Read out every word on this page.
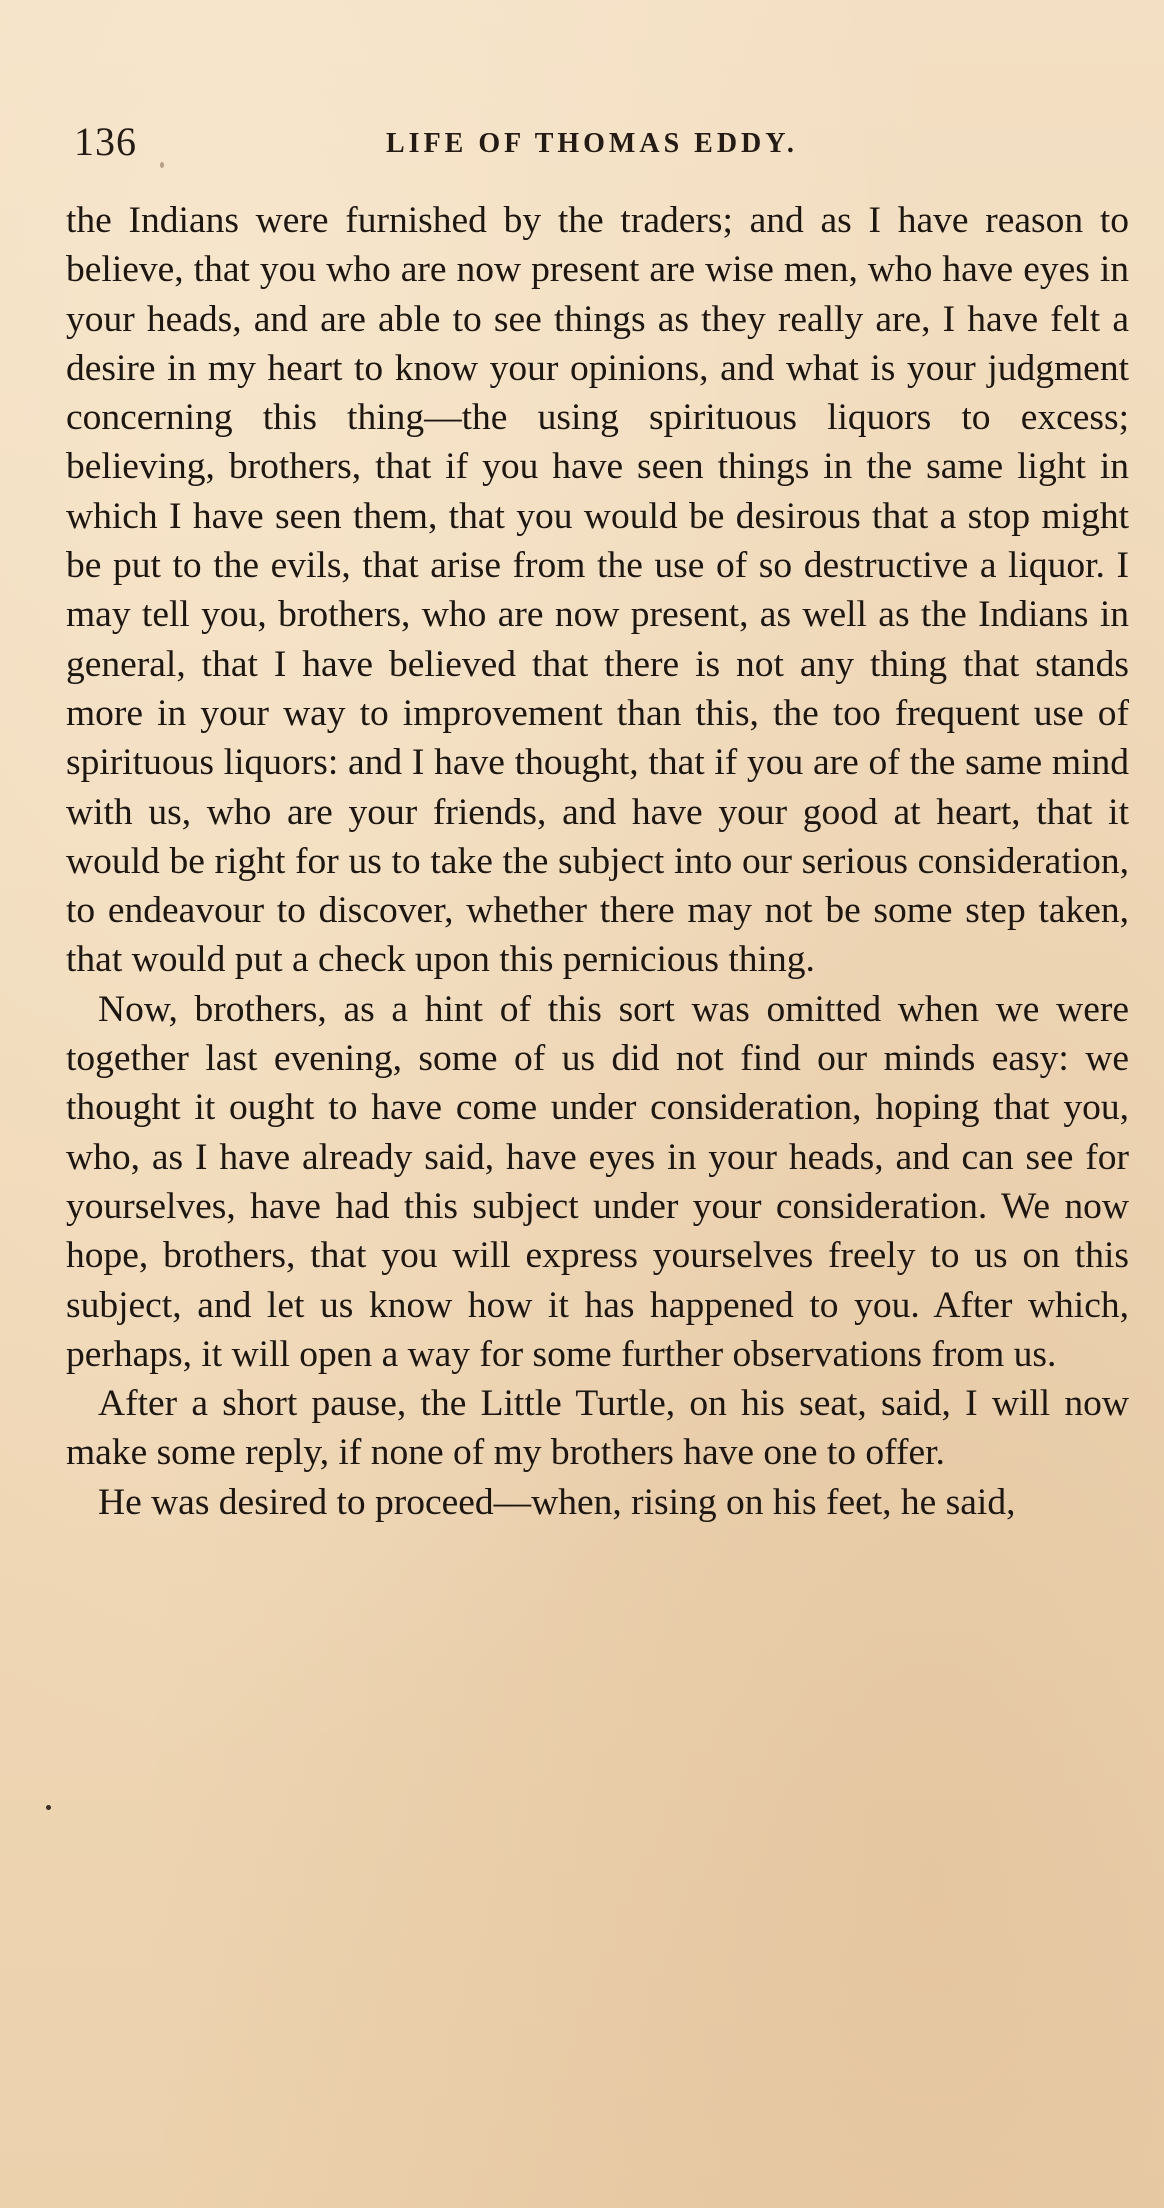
136	LIFE OF THOMAS EDDY.

the Indians were furnished by the traders; and as I have reason to believe, that you who are now present are wise men, who have eyes in your heads, and are able to see things as they really are, I have felt a desire in my heart to know your opinions, and what is your judgment concerning this thing—the using spirituous liquors to excess; believing, brothers, that if you have seen things in the same light in which I have seen them, that you would be desirous that a stop might be put to the evils, that arise from the use of so destructive a liquor. I may tell you, brothers, who are now present, as well as the Indians in general, that I have believed that there is not any thing that stands more in your way to improvement than this, the too frequent use of spirituous liquors: and I have thought, that if you are of the same mind with us, who are your friends, and have your good at heart, that it would be right for us to take the subject into our serious consideration, to endeavour to discover, whether there may not be some step taken, that would put a check upon this pernicious thing.

Now, brothers, as a hint of this sort was omitted when we were together last evening, some of us did not find our minds easy: we thought it ought to have come under consideration, hoping that you, who, as I have already said, have eyes in your heads, and can see for yourselves, have had this subject under your consideration. We now hope, brothers, that you will express yourselves freely to us on this subject, and let us know how it has happened to you. After which, perhaps, it will open a way for some further observations from us.

After a short pause, the Little Turtle, on his seat, said, I will now make some reply, if none of my brothers have one to offer.

He was desired to proceed—when, rising on his feet, he said,
